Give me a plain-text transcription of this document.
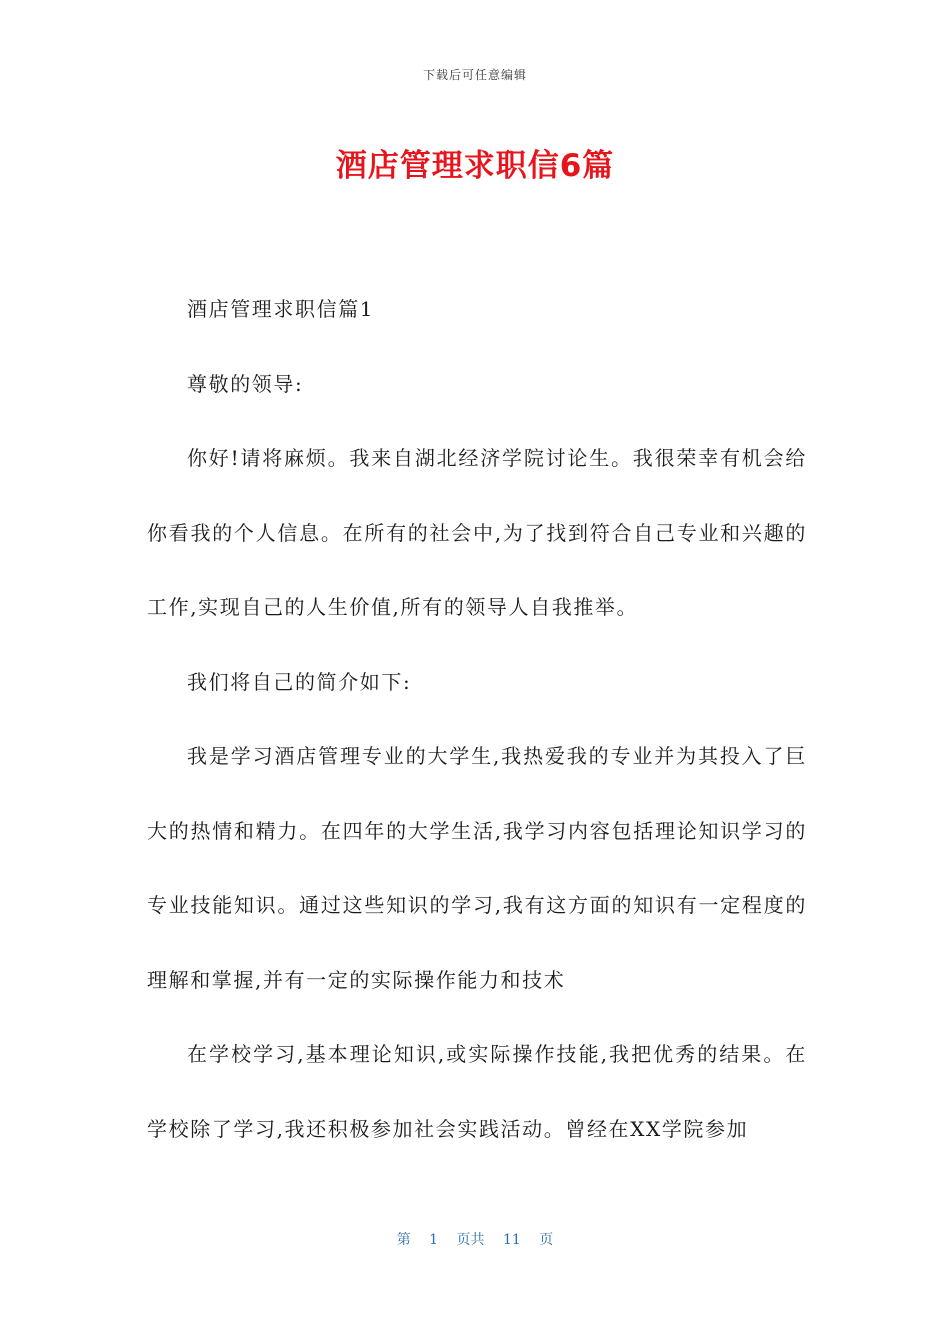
下载后可任意编辑
酒店管理求职信6篇

酒店管理求职信篇1

尊敬的领导:

你好!请将麻烦。我来自湖北经济学院讨论生。我很荣幸有机会给你看我的个人信息。在所有的社会中,为了找到符合自己专业和兴趣的工作,实现自己的人生价值,所有的领导人自我推举。

我们将自己的简介如下:

我是学习酒店管理专业的大学生,我热爱我的专业并为其投入了巨大的热情和精力。在四年的大学生活,我学习内容包括理论知识学习的专业技能知识。通过这些知识的学习,我有这方面的知识有一定程度的理解和掌握,并有一定的实际操作能力和技术

在学校学习,基本理论知识,或实际操作技能,我把优秀的结果。在学校除了学习,我还积极参加社会实践活动。曾经在XX学院参加

第 1 页共 11 页
